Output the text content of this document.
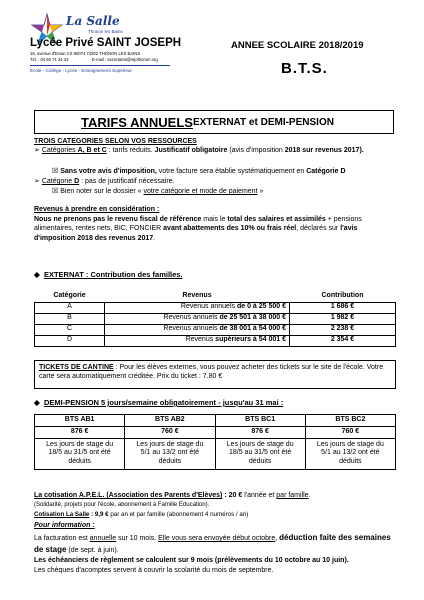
La Salle
Thonon les Bains
Lycée Privé SAINT JOSEPH
16, avenue d'Evian CS 80074 74202 THONON LES BAINS
Tél. : 04 50 71 34 43	E-mail : secretariat@stjothonon.org
Ecole - Collège - Lycée - Enseignement Supérieur
ANNEE SCOLAIRE 2018/2019
B.T.S.
TARIFS ANNUELS EXTERNAT et DEMI-PENSION
TROIS CATEGORIES SELON VOS RESSOURCES
➢ Catégories A, B et C : tarifs réduits. Justificatif obligatoire (avis d'imposition 2018 sur revenus 2017).
☒ Sans votre avis d'imposition, votre facture sera établie systématiquement en Catégorie D
➢ Catégorie D : pas de justificatif nécessaire.
☒ Bien noter sur le dossier « votre catégorie et mode de paiement »
Revenus à prendre en considération :
Nous ne prenons pas le revenu fiscal de référence mais le total des salaires et assimilés + pensions alimentaires, rentes nets, BIC, FONCIER avant abattements des 10% ou frais réel, déclarés sur l'avis d'imposition 2018 des revenus 2017.
◆  EXTERNAT : Contribution des familles.
Catégorie	Revenus	Contribution
A	Revenus annuels de 0 à 25 500 €	1 686 €
B	Revenus annuels de 25 501 à 38 000 €	1 982 €
C	Revenus annuels de 38 001 à 54 000 €	2 238 €
D	Revenus supérieurs à 54 001 €	2 354 €
TICKETS DE CANTINE : Pour les élèves externes, vous pouvez acheter des tickets sur le site de l'école. Votre carte sera automatiquement créditée. Prix du ticket : 7.80 €
◆  DEMI-PENSION 5 jours/semaine obligatoirement - jusqu'au 31 mai :
BTS AB1	BTS AB2	BTS BC1	BTS BC2
876 €	760 €	876 €	760 €
Les jours de stage du 18/5 au 31/5 ont été déduits	Les jours de stage du 5/1 au 13/2 ont été déduits	Les jours de stage du 18/5 au 31/5 ont été déduits	Les jours de stage du 5/1 au 13/2 ont été déduits
La cotisation A.P.E.L. (Association des Parents d'Elèves) : 20 € l'année et par famille.
(Solidarité, projets pour l'école, abonnement à Famille Education).
Cotisation La Salle : 9,9 € par an et par famille (abonnement 4 numéros / an)
Pour information :
La facturation est annuelle sur 10 mois. Elle vous sera envoyée début octobre, déduction faite des semaines de stage (de sept. à juin).
Les échéanciers de règlement se calculent sur 9 mois (prélèvements du 10 octobre au 10 juin).
Les chèques d'acomptes servent à couvrir la scolarité du mois de septembre.
